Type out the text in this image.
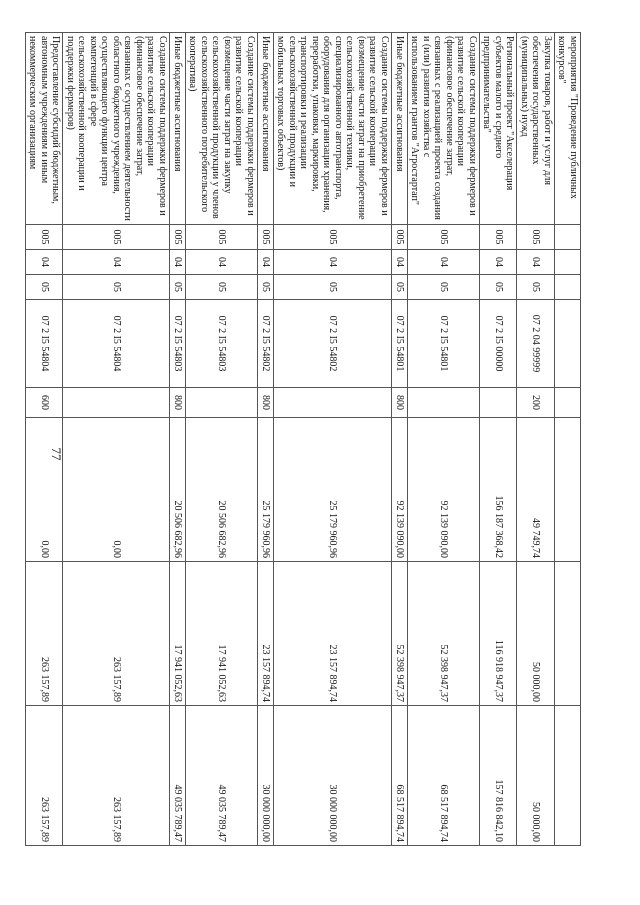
77
мероприятия "Проведение публичных конкурсов"								
Закупка товаров, работ и услуг для обеспечения государственных (муниципальных) нужд	005	04	05	07 2 04 99999	200	49 749,74	50 000,00	50 000,00
Региональный проект "Акселерация субъектов малого и среднего предпринимательства"	005	04	05	07 2 I5 00000		156 187 368,42	116 918 947,37	157 816 842,10
Создание системы поддержки фермеров и развитие сельской кооперации (финансовое обеспечение затрат, связанных с реализацией проекта создания и (или) развития хозяйства с использованием грантов "Агростартап"	005	04	05	07 2 I5 54801		92 139 090,00	52 398 947,37	68 517 894,74
Иные бюджетные ассигнования	005	04	05	07 2 I5 54801	800	92 139 090,00	52 398 947,37	68 517 894,74
Создание системы поддержки фермеров и развитие сельской кооперации (возмещение части затрат на приобретение сельскохозяйственной техники, специализированного автотранспорта, оборудования для организации хранения, переработки, упаковки, маркировки, транспортировки и реализации сельскохозяйственной продукции и мобильных торговых объектов)	005	04	05	07 2 I5 54802		25 179 960,96	23 157 894,74	30 000 000,00
Иные бюджетные ассигнования	005	04	05	07 2 I5 54802	800	25 179 960,96	23 157 894,74	30 000 000,00
Создание системы поддержки фермеров и развитие сельской кооперации (возмещение части затрат на закупку сельскохозяйственной продукции у членов сельскохозяйственного потребительского кооператива)	005	04	05	07 2 I5 54803		20 506 682,96	17 941 052,63	49 035 789,47
Иные бюджетные ассигнования	005	04	05	07 2 I5 54803	800	20 506 682,96	17 941 052,63	49 035 789,47
Создание системы поддержки фермеров и развитие сельской кооперации (финансовое обеспечение затрат, связанных с осуществлением деятельности областного бюджетного учреждения, осуществляющего функции центра компетенций в сфере сельскохозяйственной кооперации и поддержки фермеров)	005	04	05	07 2 I5 54804		0,00	263 157,89	263 157,89
Предоставление субсидий бюджетным, автономным учреждениям и иным некоммерческим организациям	005	04	05	07 2 I5 54804	600	0,00	263 157,89	263 157,89
